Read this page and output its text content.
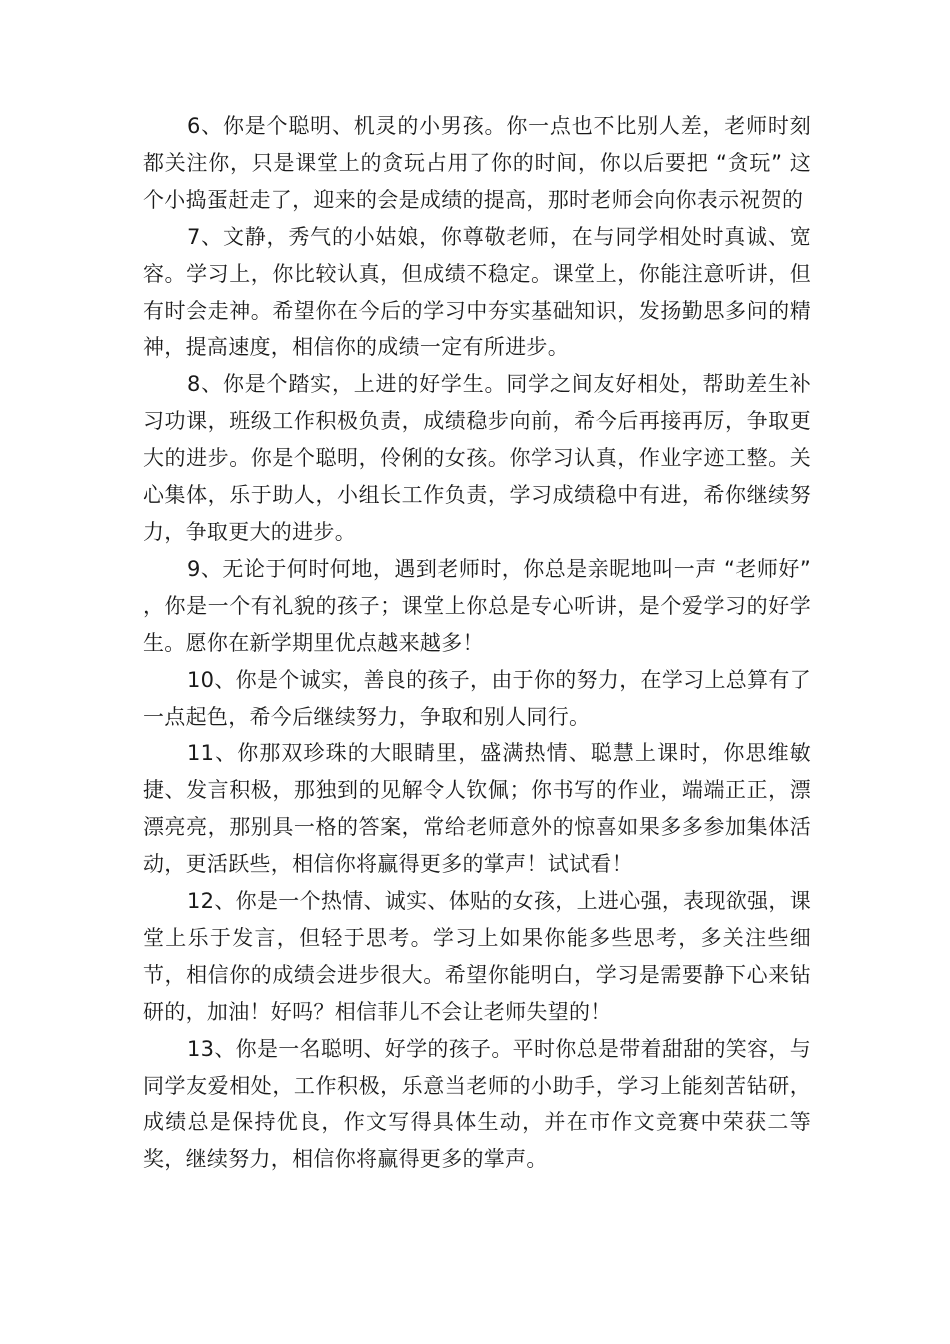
6、你是个聪明、机灵的小男孩。你一点也不比别人差，老师时刻都关注你，只是课堂上的贪玩占用了你的时间，你以后要把 “贪玩” 这个小捣蛋赶走了，迎来的会是成绩的提高，那时老师会向你表示祝贺的

7、文静，秀气的小姑娘，你尊敬老师，在与同学相处时真诚、宽容。学习上，你比较认真，但成绩不稳定。课堂上，你能注意听讲，但有时会走神。希望你在今后的学习中夯实基础知识，发扬勤思多问的精神，提高速度，相信你的成绩一定有所进步。

8、你是个踏实，上进的好学生。同学之间友好相处，帮助差生补习功课，班级工作积极负责，成绩稳步向前，希今后再接再厉，争取更大的进步。你是个聪明，伶俐的女孩。你学习认真，作业字迹工整。关心集体，乐于助人，小组长工作负责，学习成绩稳中有进，希你继续努力，争取更大的进步。

9、无论于何时何地，遇到老师时，你总是亲昵地叫一声 “老师好” ，你是一个有礼貌的孩子；课堂上你总是专心听讲，是个爱学习的好学生。愿你在新学期里优点越来越多！

10、你是个诚实，善良的孩子，由于你的努力，在学习上总算有了一点起色，希今后继续努力，争取和别人同行。

11、你那双珍珠的大眼睛里，盛满热情、聪慧上课时，你思维敏捷、发言积极，那独到的见解令人钦佩；你书写的作业，端端正正，漂漂亮亮，那别具一格的答案，常给老师意外的惊喜如果多多参加集体活动，更活跃些，相信你将赢得更多的掌声！试试看！

12、你是一个热情、诚实、体贴的女孩，上进心强，表现欲强，课堂上乐于发言，但轻于思考。学习上如果你能多些思考，多关注些细节，相信你的成绩会进步很大。希望你能明白，学习是需要静下心来钻研的，加油！好吗？相信菲儿不会让老师失望的！

13、你是一名聪明、好学的孩子。平时你总是带着甜甜的笑容，与同学友爱相处，工作积极，乐意当老师的小助手，学习上能刻苦钻研，成绩总是保持优良，作文写得具体生动，并在市作文竞赛中荣获二等奖，继续努力，相信你将赢得更多的掌声。
